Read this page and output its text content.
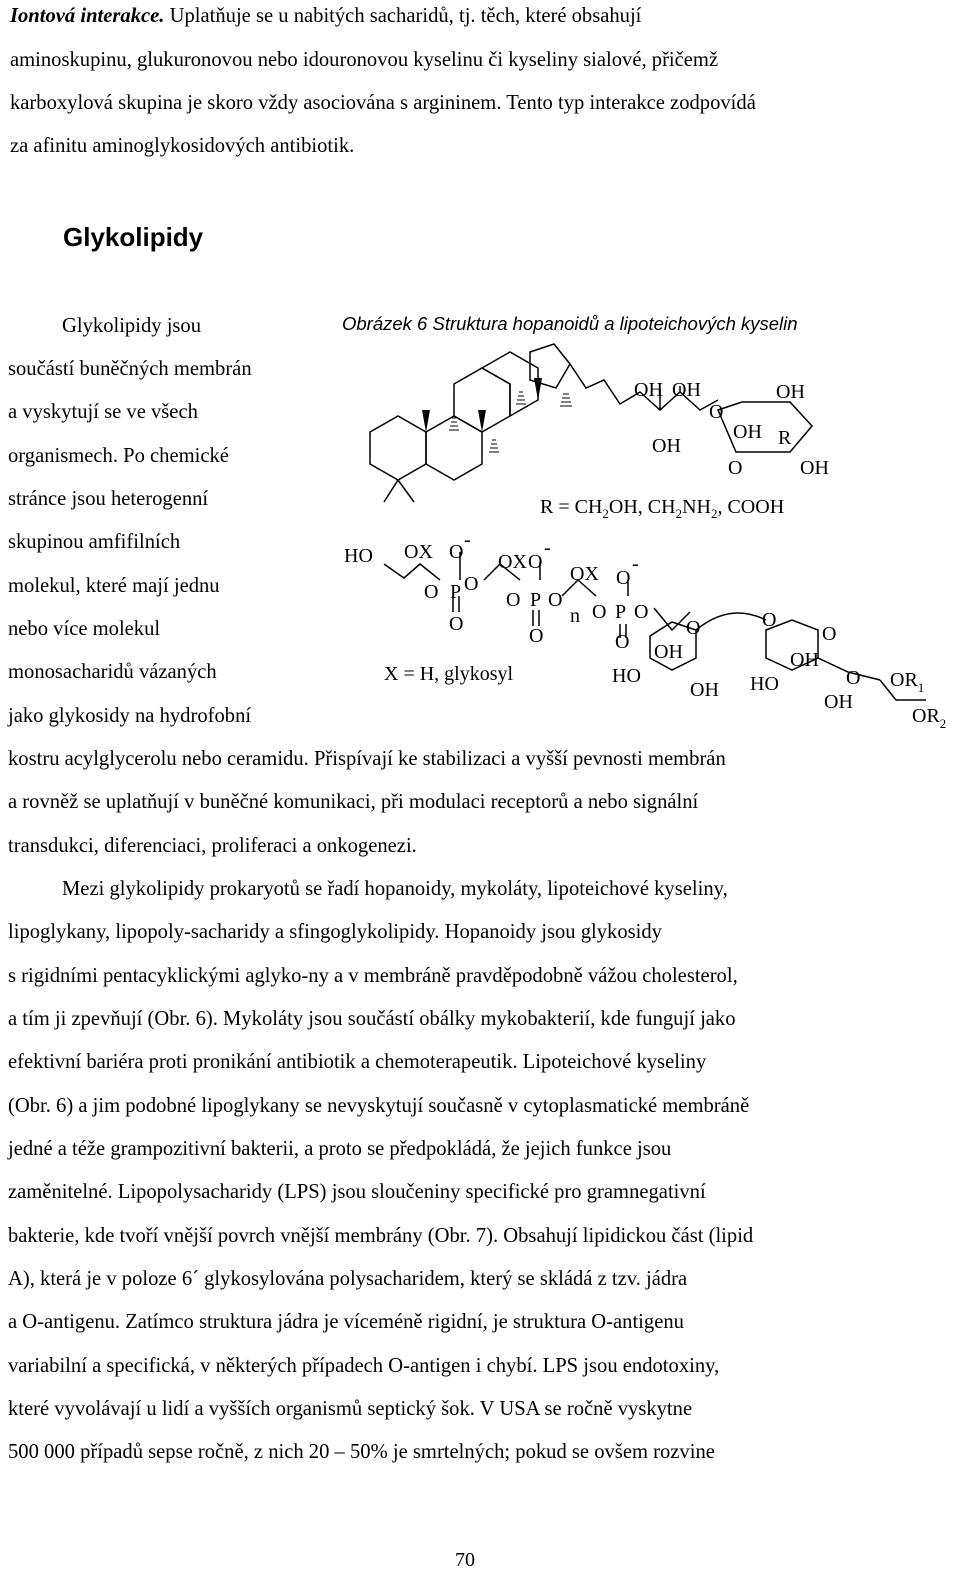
Iontová interakce. Uplatňuje se u nabitých sacharidů, tj. těch, které obsahují
aminoskupinu, glukuronovou nebo idouronovou kyselinu či kyseliny sialové, přičemž
karboxylová skupina je skoro vždy asociována s argininem. Tento typ interakce zodpovídá
za afinitu aminoglykosidových antibiotik.
Glykolipidy
Obrázek 6 Struktura hopanoidů a lipoteichových kyselin
Glykolipidy jsou
součástí buněčných membrán
a vyskytují se ve všech
organismech. Po chemické
stránce jsou heterogenní
skupinou amfifilních
molekul, které mají jednu
nebo více molekul
monosacharidů vázaných
jako glykosidy na hydrofobní
OH OH	OH
O
OH
OH R
O	OH
$R = CH_2OH$, $CH_2NH_2$, COOH
HO OX O
-
O P O
O
OX O
-
O P O
O
n
OX O
-
O P O
O
X = H, glykosyl
O
OH
HO
OH
O
O
OH
HO	O
OH
$OR_1$
$OR_2$
kostru acylglycerolu nebo ceramidu. Přispívají ke stabilizaci a vyšší pevnosti membrán
a rovněž se uplatňují v buněčné komunikaci, při modulaci receptorů a nebo signální
transdukci, diferenciaci, proliferaci a onkogenezi.
Mezi glykolipidy prokaryotů se řadí hopanoidy, mykoláty, lipoteichové kyseliny,
lipoglykany, lipopoly-sacharidy a sfingoglykolipidy. Hopanoidy jsou glykosidy
s rigidními pentacyklickými aglyko-ny a v membráně pravděpodobně vážou cholesterol,
a tím ji zpevňují (Obr. 6). Mykoláty jsou součástí obálky mykobakterií, kde fungují jako
efektivní bariéra proti pronikání antibiotik a chemoterapeutik. Lipoteichové kyseliny
(Obr. 6) a jim podobné lipoglykany se nevyskytují současně v cytoplasmatické membráně
jedné a téže grampozitivní bakterii, a proto se předpokládá, že jejich funkce jsou
zaměnitelné. Lipopolysacharidy (LPS) jsou sloučeniny specifické pro gramnegativní
bakterie, kde tvoří vnější povrch vnější membrány (Obr. 7). Obsahují lipidickou část (lipid
A), která je v poloze 6´ glykosylována polysacharidem, který se skládá z tzv. jádra
a O-antigenu. Zatímco struktura jádra je víceméně rigidní, je struktura O-antigenu
variabilní a specifická, v některých případech O-antigen i chybí. LPS jsou endotoxiny,
které vyvolávají u lidí a vyšších organismů septický šok. V USA se ročně vyskytne
500 000 případů sepse ročně, z nich 20 – 50% je smrtelných; pokud se ovšem rozvine
70
